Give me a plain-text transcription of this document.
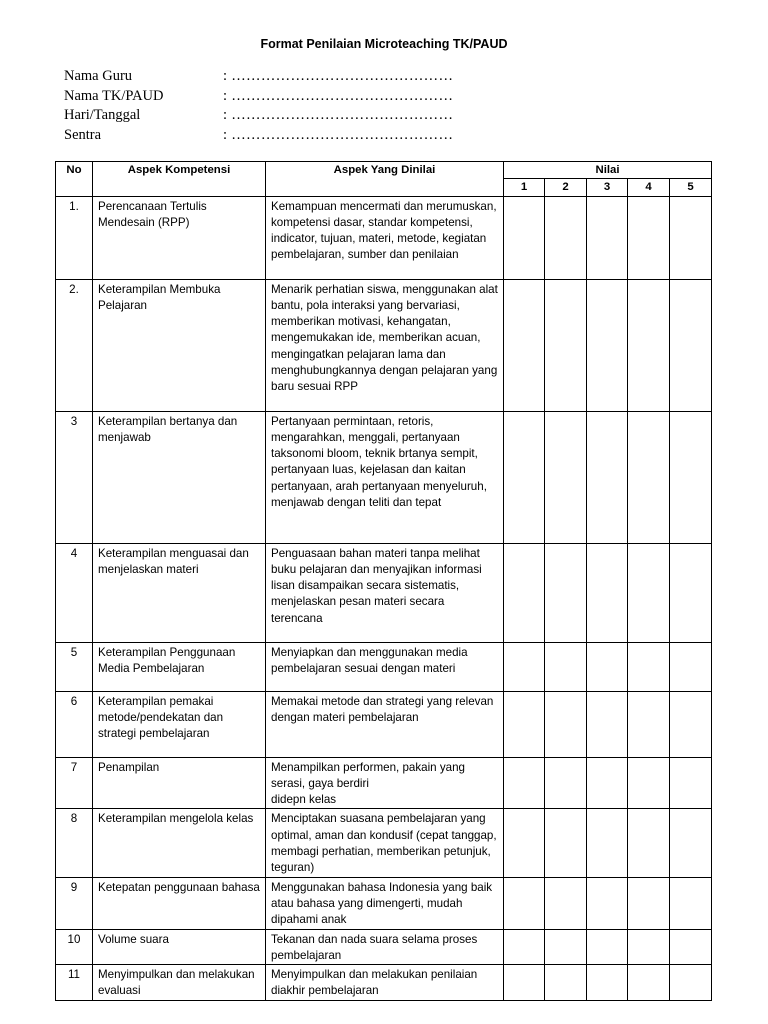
Format Penilaian Microteaching TK/PAUD
Nama Guru	: ………………………………………
Nama TK/PAUD	: ………………………………………
Hari/Tanggal	: ………………………………………
Sentra	: ………………………………………
No	Aspek Kompetensi	Aspek Yang Dinilai	Nilai				
			1	2	3	4	5
1.	Perencanaan Tertulis Mendesain (RPP)	Kemampuan mencermati dan merumuskan, kompetensi dasar, standar kompetensi, indicator, tujuan, materi, metode, kegiatan pembelajaran, sumber dan penilaian					
2.	Keterampilan Membuka Pelajaran	Menarik perhatian siswa, menggunakan alat bantu, pola interaksi yang bervariasi, memberikan motivasi, kehangatan, mengemukakan ide, memberikan acuan, mengingatkan pelajaran lama dan menghubungkannya dengan pelajaran yang baru sesuai RPP					
3	Keterampilan bertanya dan menjawab	Pertanyaan permintaan, retoris, mengarahkan, menggali, pertanyaan taksonomi bloom, teknik brtanya sempit,
pertanyaan luas, kejelasan dan kaitan pertanyaan, arah pertanyaan menyeluruh, menjawab dengan teliti dan tepat					
4	Keterampilan menguasai dan menjelaskan materi	Penguasaan bahan materi tanpa melihat buku pelajaran dan menyajikan informasi lisan disampaikan secara sistematis, menjelaskan pesan materi secara terencana					
5	Keterampilan Penggunaan Media Pembelajaran	Menyiapkan dan menggunakan media pembelajaran sesuai dengan materi					
6	Keterampilan pemakai metode/pendekatan dan strategi pembelajaran	Memakai metode dan strategi yang relevan dengan materi pembelajaran					
7	Penampilan	Menampilkan performen, pakain yang serasi, gaya berdiri
didepn kelas					
8	Keterampilan mengelola kelas	Menciptakan suasana pembelajaran yang optimal, aman dan kondusif (cepat tanggap, membagi perhatian, memberikan petunjuk, teguran)					
9	Ketepatan penggunaan bahasa	Menggunakan bahasa Indonesia yang baik atau bahasa yang dimengerti, mudah dipahami anak					
10	Volume suara	Tekanan dan nada suara selama proses pembelajaran					
11	Menyimpulkan dan melakukan evaluasi	Menyimpulkan dan melakukan penilaian diakhir pembelajaran					
